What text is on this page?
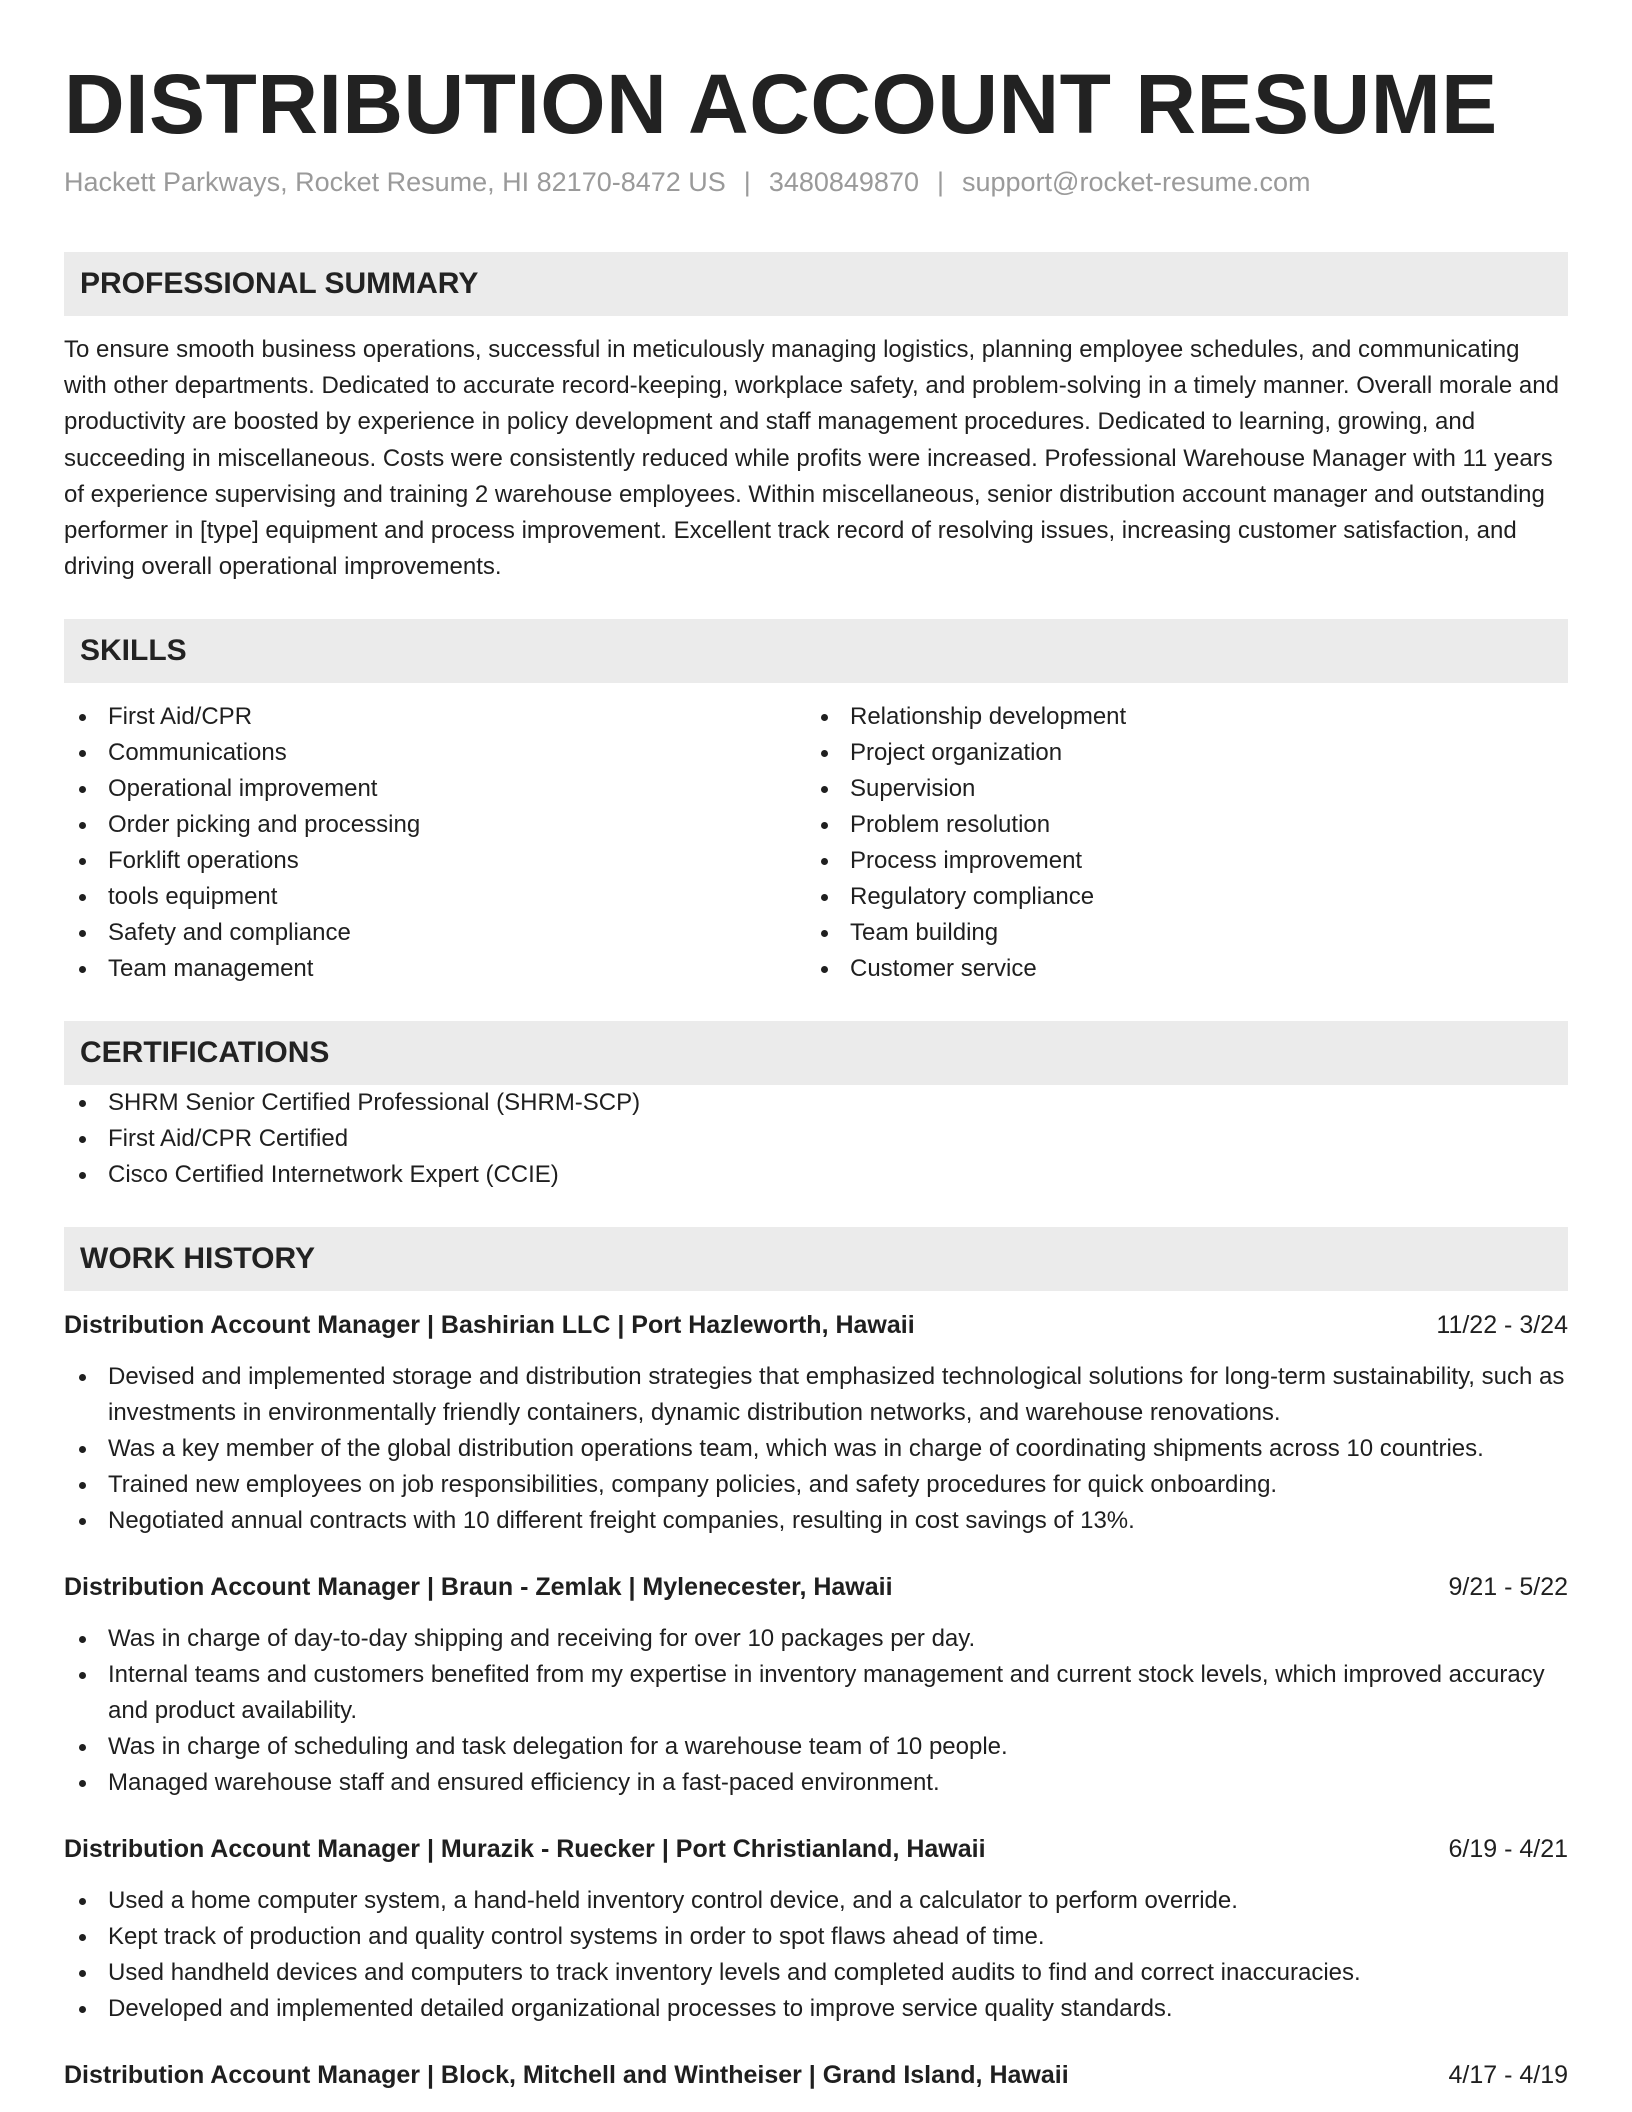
DISTRIBUTION ACCOUNT RESUME
Hackett Parkways, Rocket Resume, HI 82170-8472 US | 3480849870 | support@rocket-resume.com
PROFESSIONAL SUMMARY

To ensure smooth business operations, successful in meticulously managing logistics, planning employee schedules, and communicating with other departments. Dedicated to accurate record-keeping, workplace safety, and problem-solving in a timely manner. Overall morale and productivity are boosted by experience in policy development and staff management procedures. Dedicated to learning, growing, and succeeding in miscellaneous. Costs were consistently reduced while profits were increased. Professional Warehouse Manager with 11 years of experience supervising and training 2 warehouse employees. Within miscellaneous, senior distribution account manager and outstanding performer in [type] equipment and process improvement. Excellent track record of resolving issues, increasing customer satisfaction, and driving overall operational improvements.

SKILLS
First Aid/CPR
Communications
Operational improvement
Order picking and processing
Forklift operations
tools equipment
Safety and compliance
Team management
Relationship development
Project organization
Supervision
Problem resolution
Process improvement
Regulatory compliance
Team building
Customer service
CERTIFICATIONS
SHRM Senior Certified Professional (SHRM-SCP)
First Aid/CPR Certified
Cisco Certified Internetwork Expert (CCIE)
WORK HISTORY
Distribution Account Manager | Bashirian LLC | Port Hazleworth, Hawaii	11/22 - 3/24
Devised and implemented storage and distribution strategies that emphasized technological solutions for long-term sustainability, such as investments in environmentally friendly containers, dynamic distribution networks, and warehouse renovations.
Was a key member of the global distribution operations team, which was in charge of coordinating shipments across 10 countries.
Trained new employees on job responsibilities, company policies, and safety procedures for quick onboarding.
Negotiated annual contracts with 10 different freight companies, resulting in cost savings of 13%.
Distribution Account Manager | Braun - Zemlak | Mylenecester, Hawaii	9/21 - 5/22
Was in charge of day-to-day shipping and receiving for over 10 packages per day.
Internal teams and customers benefited from my expertise in inventory management and current stock levels, which improved accuracy and product availability.
Was in charge of scheduling and task delegation for a warehouse team of 10 people.
Managed warehouse staff and ensured efficiency in a fast-paced environment.
Distribution Account Manager | Murazik - Ruecker | Port Christianland, Hawaii	6/19 - 4/21
Used a home computer system, a hand-held inventory control device, and a calculator to perform override.
Kept track of production and quality control systems in order to spot flaws ahead of time.
Used handheld devices and computers to track inventory levels and completed audits to find and correct inaccuracies.
Developed and implemented detailed organizational processes to improve service quality standards.
Distribution Account Manager | Block, Mitchell and Wintheiser | Grand Island, Hawaii	4/17 - 4/19
